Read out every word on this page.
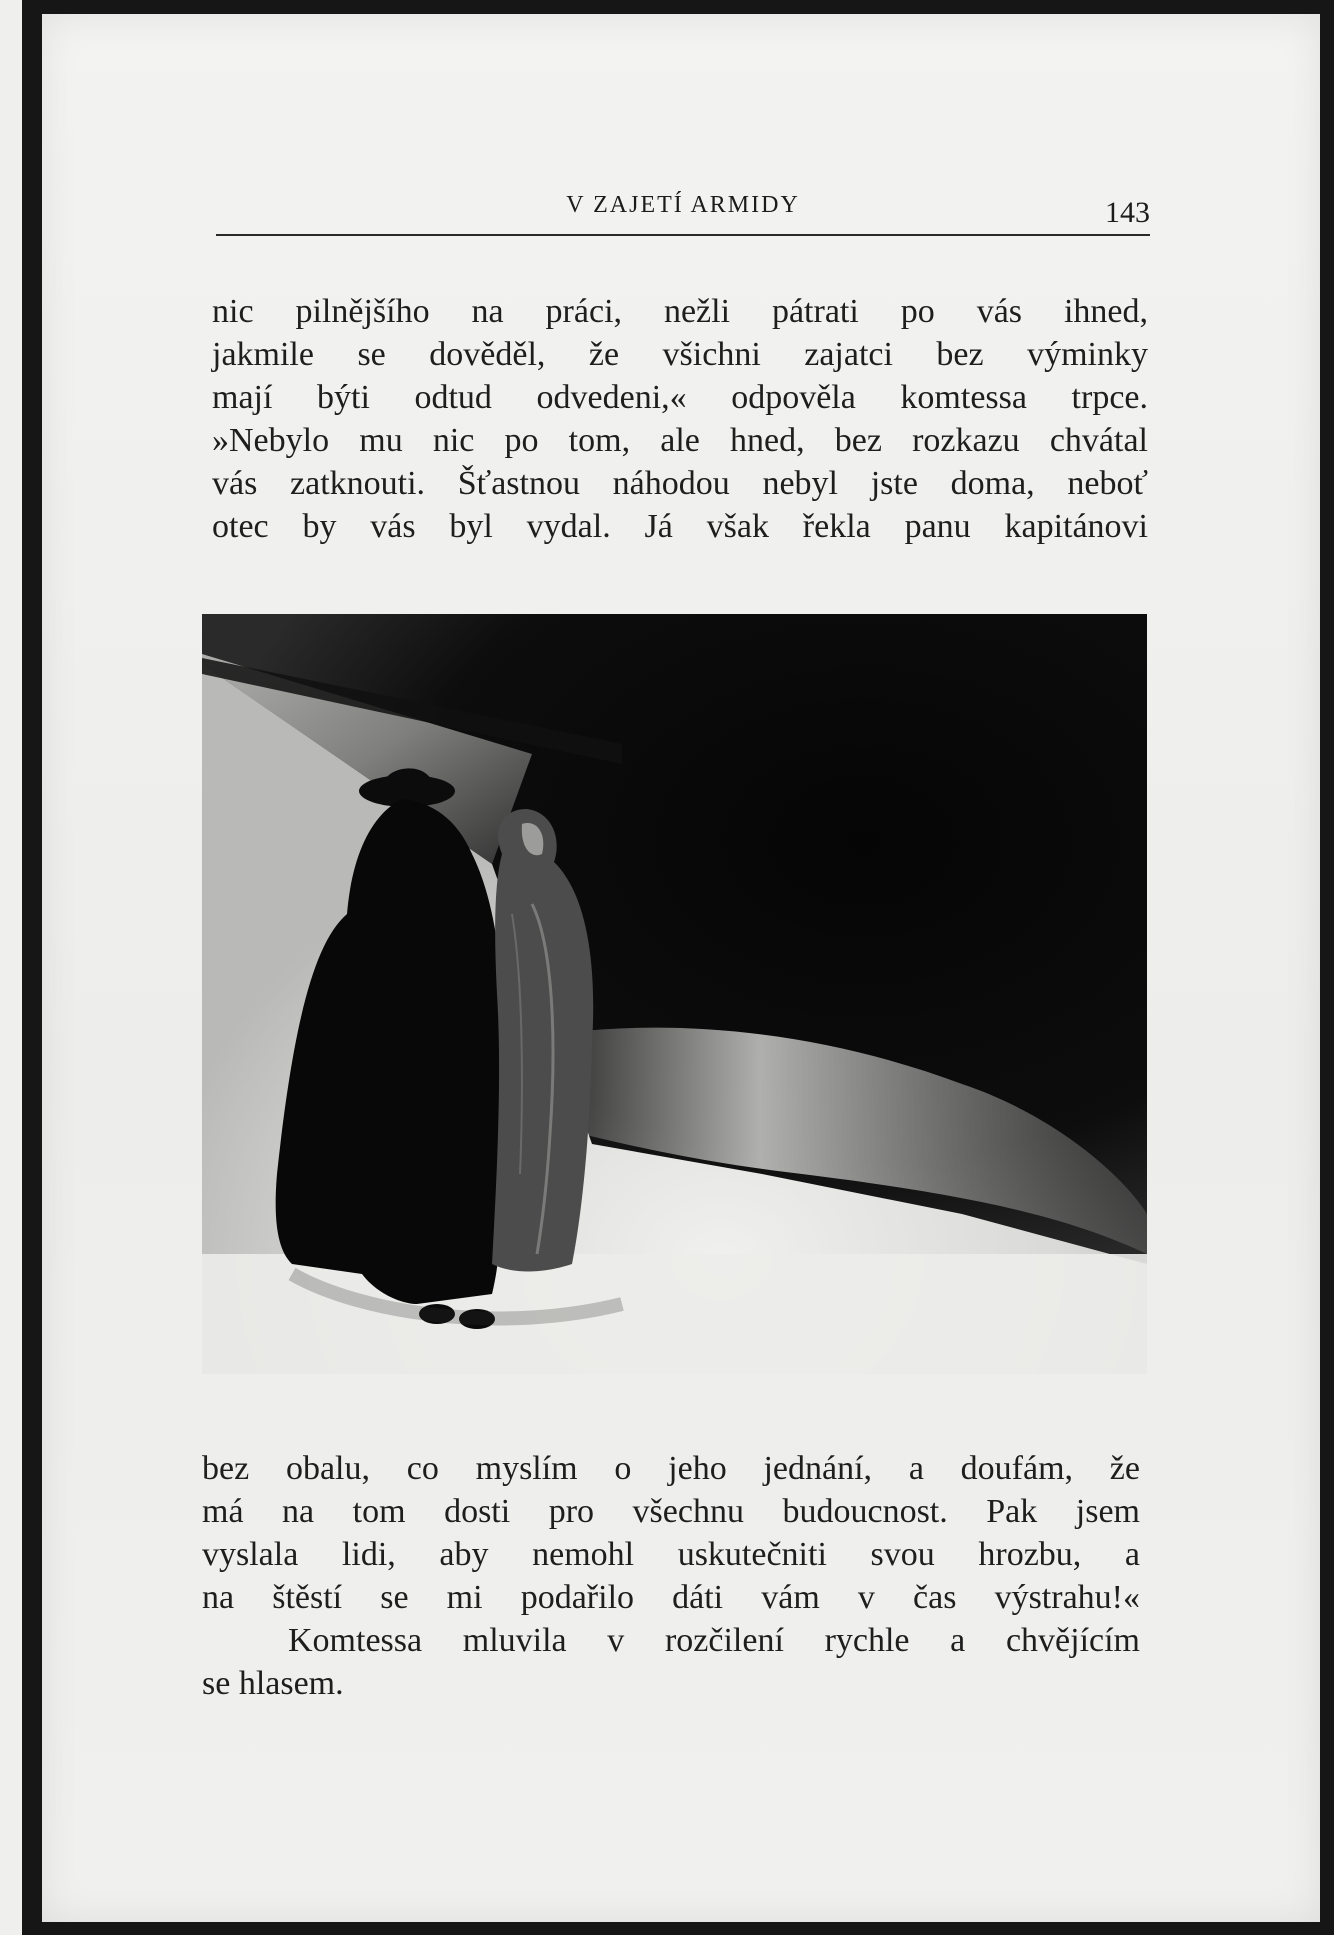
V ZAJETÍ ARMIDY	143
nic pilnějšího na práci, nežli pátrati po vás ihned,
jakmile se dověděl, že všichni zajatci bez výminky
mají býti odtud odvedeni,« odpověla komtessa trpce.
»Nebylo mu nic po tom, ale hned, bez rozkazu chvátal
vás zatknouti. Šťastnou náhodou nebyl jste doma, neboť
otec by vás byl vydal. Já však řekla panu kapitánovi
bez obalu, co myslím o jeho jednání, a doufám, že
má na tom dosti pro všechnu budoucnost. Pak jsem
vyslala lidi, aby nemohl uskutečniti svou hrozbu, a
na štěstí se mi podařilo dáti vám v čas výstrahu!«
Komtessa mluvila v rozčilení rychle a chvějícím
se hlasem.
